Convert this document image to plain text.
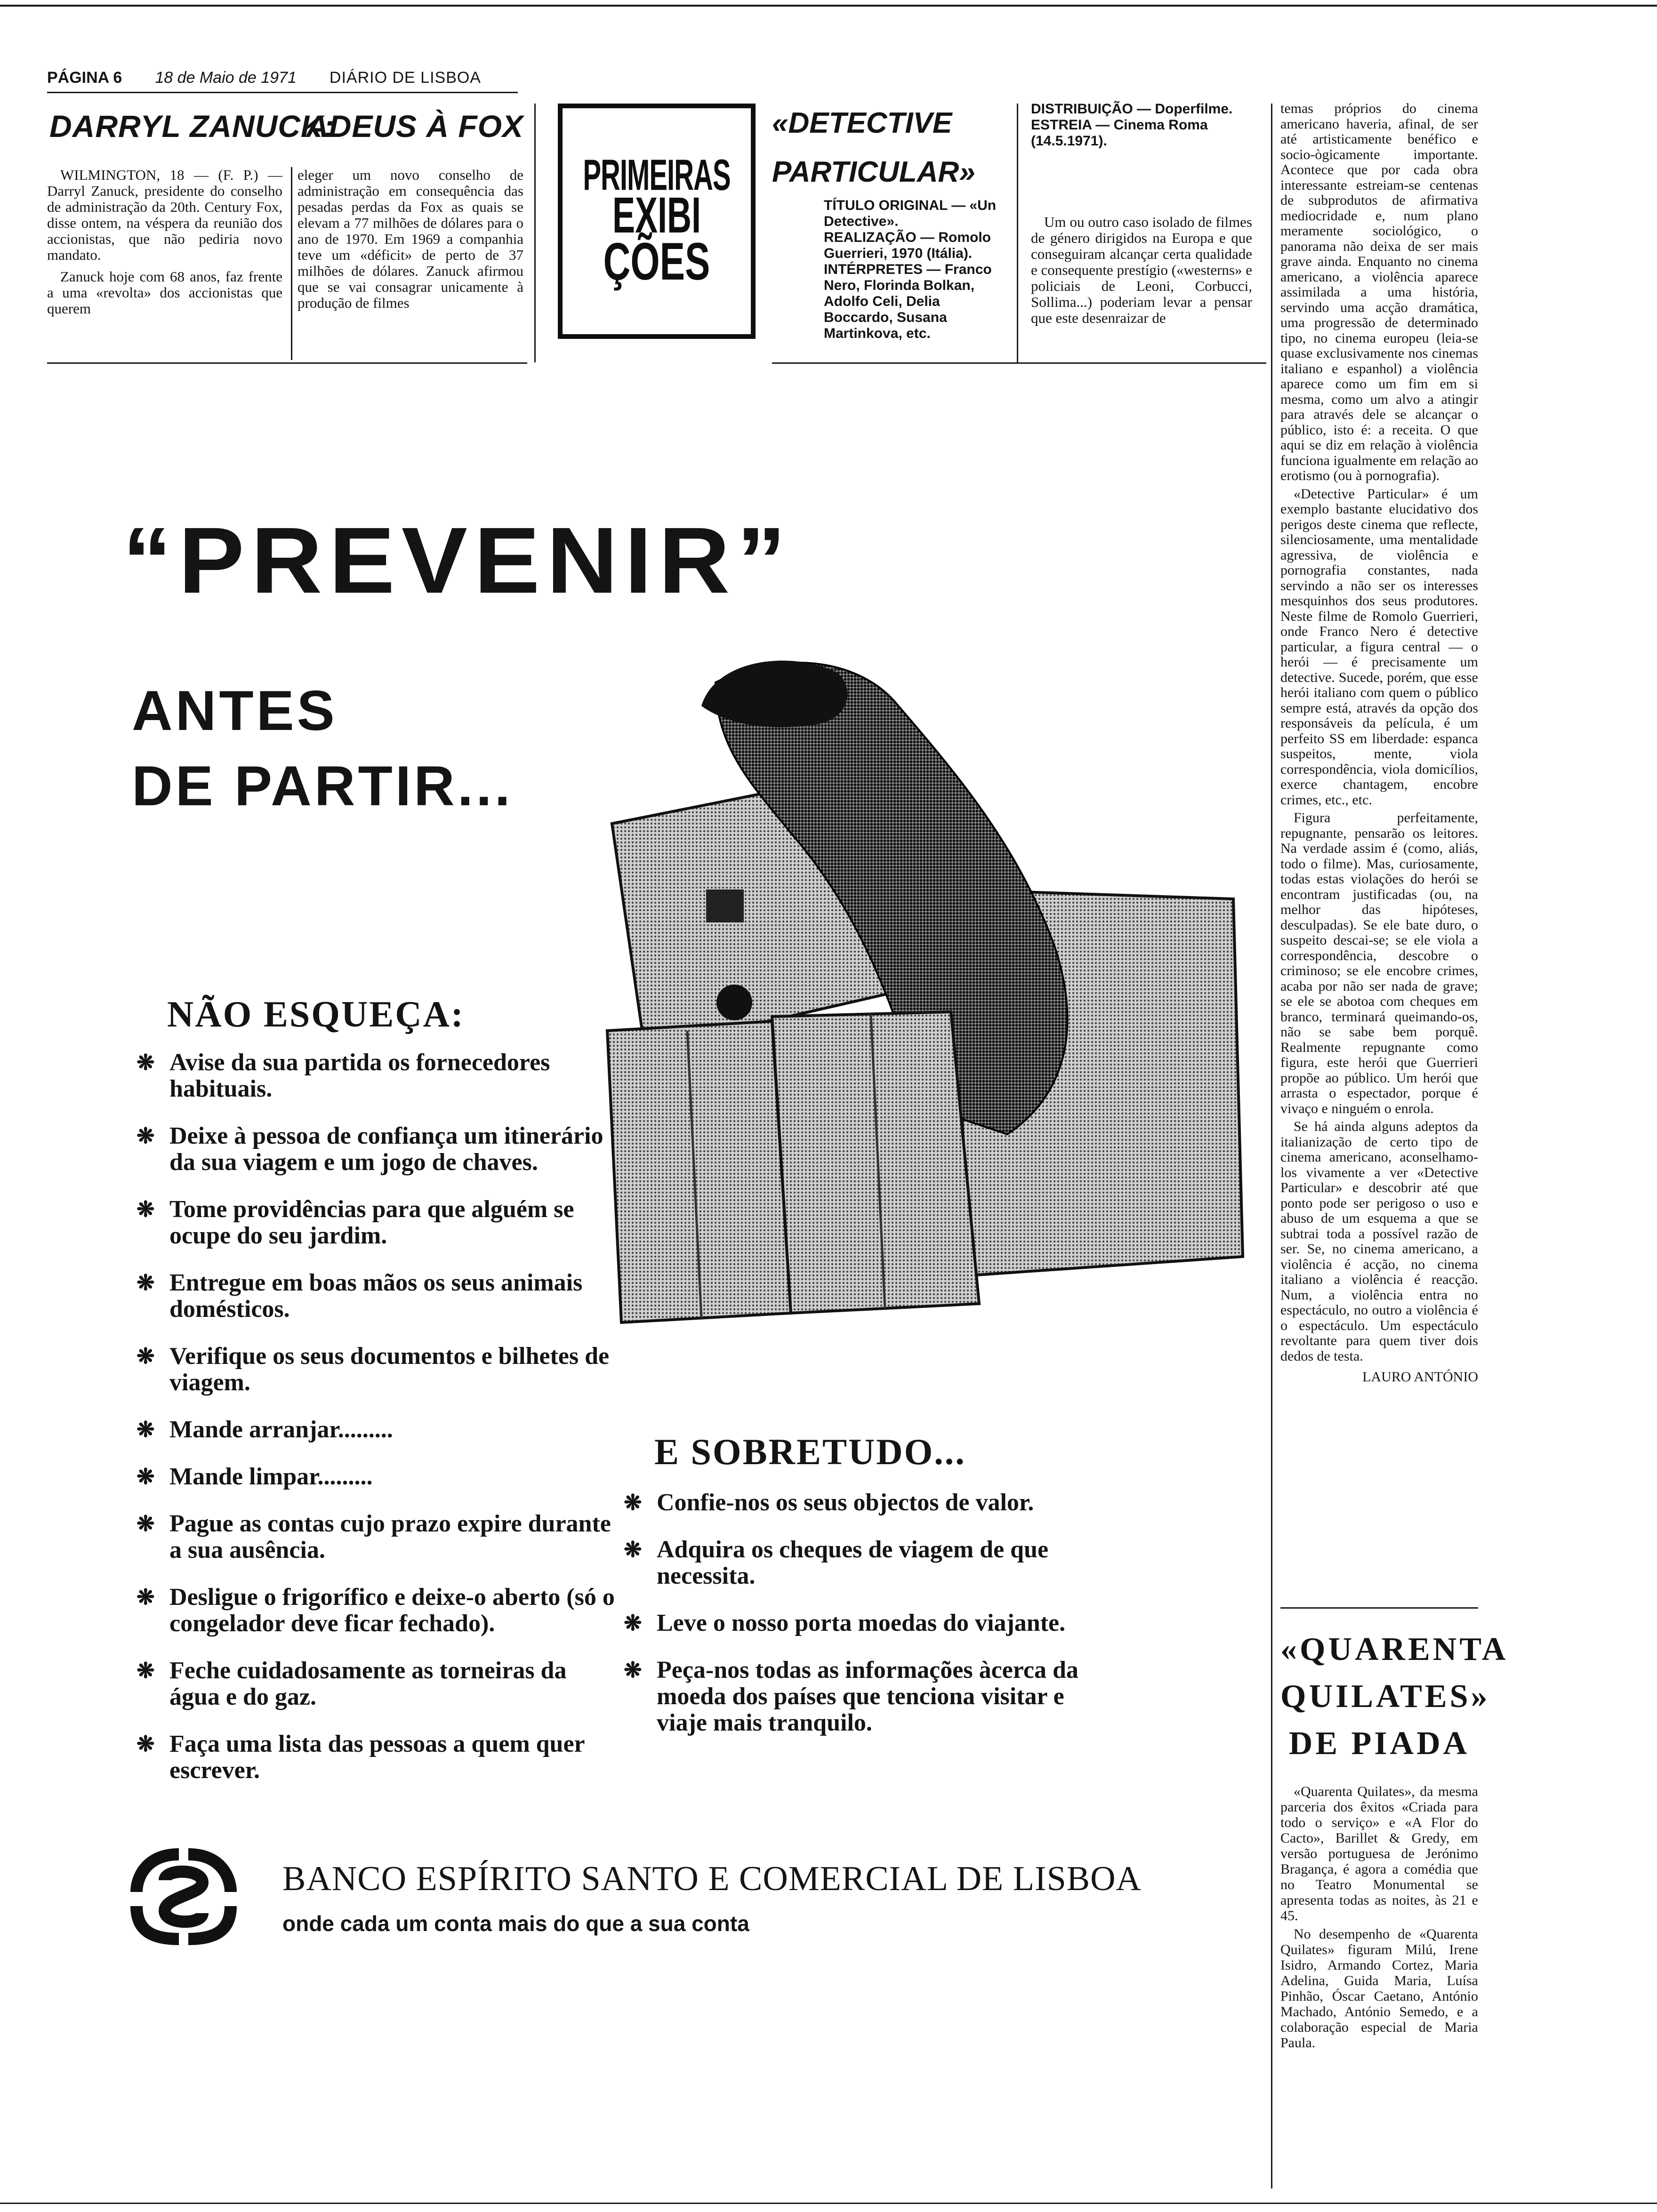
PÁGINA 6 18 de Maio de 1971 DIÁRIO DE LISBOA
DARRYL ZANUCK:
ADEUS À FOX

WILMINGTON, 18 — (F. P.) — Darryl Zanuck, presidente do conselho de administração da 20th. Century Fox, disse ontem, na véspera da reunião dos accionistas, que não pediria novo mandato.

Zanuck hoje com 68 anos, faz frente a uma «revolta» dos accionistas que querem

eleger um novo conselho de administração em consequência das pesadas perdas da Fox as quais se elevam a 77 milhões de dólares para o ano de 1970. Em 1969 a companhia teve um «déficit» de perto de 37 milhões de dólares. Zanuck afirmou que se vai consagrar unicamente à produção de filmes

PRIMEIRAS
EXIBI
ÇÕES
«DETECTIVE
PARTICULAR»

TÍTULO ORIGINAL — «Un Detective».

REALIZAÇÃO — Romolo Guerrieri, 1970 (Itália).

INTÉRPRETES — Franco Nero, Florinda Bolkan, Adolfo Celi, Delia Boccardo, Susana Martinkova, etc.

DISTRIBUIÇÃO — Doperfilme.

ESTREIA — Cinema Roma (14.5.1971).

Um ou outro caso isolado de filmes de género dirigidos na Europa e que conseguiram alcançar certa qualidade e consequente prestígio («westerns» e policiais de Leoni, Corbucci, Sollima...) poderiam levar a pensar que este desenraizar de

temas próprios do cinema americano haveria, afinal, de ser até artisticamente benéfico e socio-ògicamente importante. Acontece que por cada obra interessante estreiam-se centenas de subprodutos de afirmativa mediocridade e, num plano meramente sociológico, o panorama não deixa de ser mais grave ainda. Enquanto no cinema americano, a violência aparece assimilada a uma história, servindo uma acção dramática, uma progressão de determinado tipo, no cinema europeu (leia-se quase exclusivamente nos cinemas italiano e espanhol) a violência aparece como um fim em si mesma, como um alvo a atingir para através dele se alcançar o público, isto é: a receita. O que aqui se diz em relação à violência funciona igualmente em relação ao erotismo (ou à pornografia).

«Detective Particular» é um exemplo bastante elucidativo dos perigos deste cinema que reflecte, silenciosamente, uma mentalidade agressiva, de violência e pornografia constantes, nada servindo a não ser os interesses mesquinhos dos seus produtores. Neste filme de Romolo Guerrieri, onde Franco Nero é detective particular, a figura central — o herói — é precisamente um detective. Sucede, porém, que esse herói italiano com quem o público sempre está, através da opção dos responsáveis da película, é um perfeito SS em liberdade: espanca suspeitos, mente, viola correspondência, viola domicílios, exerce chantagem, encobre crimes, etc., etc.

Figura perfeitamente, repugnante, pensarão os leitores. Na verdade assim é (como, aliás, todo o filme). Mas, curiosamente, todas estas violações do herói se encontram justificadas (ou, na melhor das hipóteses, desculpadas). Se ele bate duro, o suspeito descai-se; se ele viola a correspondência, descobre o criminoso; se ele encobre crimes, acaba por não ser nada de grave; se ele se abotoa com cheques em branco, terminará queimando-os, não se sabe bem porquê. Realmente repugnante como figura, este herói que Guerrieri propõe ao público. Um herói que arrasta o espectador, porque é vivaço e ninguém o enrola.

Se há ainda alguns adeptos da italianização de certo tipo de cinema americano, aconselhamo-los vivamente a ver «Detective Particular» e descobrir até que ponto pode ser perigoso o uso e abuso de um esquema a que se subtrai toda a possível razão de ser. Se, no cinema americano, a violência é acção, no cinema italiano a violência é reacção. Num, a violência entra no espectáculo, no outro a violência é o espectáculo. Um espectáculo revoltante para quem tiver dois dedos de testa.

LAURO ANTÓNIO

«QUARENTA
QUILATES»
DE PIADA

«Quarenta Quilates», da mesma parceria dos êxitos «Criada para todo o serviço» e «A Flor do Cacto», Barillet & Gredy, em versão portuguesa de Jerónimo Bragança, é agora a comédia que no Teatro Monumental se apresenta todas as noites, às 21 e 45.

No desempenho de «Quarenta Quilates» figuram Milú, Irene Isidro, Armando Cortez, Maria Adelina, Guida Maria, Luísa Pinhão, Óscar Caetano, António Machado, António Semedo, e a colaboração especial de Maria Paula.

“PREVENIR”
ANTES
DE PARTIR...
NÃO ESQUEÇA:
❋ Avise da sua partida os fornecedores habituais.
❋ Deixe à pessoa de confiança um itinerário da sua viagem e um jogo de chaves.
❋ Tome providências para que alguém se ocupe do seu jardim.
❋ Entregue em boas mãos os seus animais domésticos.
❋ Verifique os seus documentos e bilhetes de viagem.
❋ Mande arranjar.........
❋ Mande limpar.........
❋ Pague as contas cujo prazo expire durante a sua ausência.
❋ Desligue o frigorífico e deixe-o aberto (só o congelador deve ficar fechado).
❋ Feche cuidadosamente as torneiras da água e do gaz.
❋ Faça uma lista das pessoas a quem quer escrever.
E SOBRETUDO...
❋ Confie-nos os seus objectos de valor.
❋ Adquira os cheques de viagem de que necessita.
❋ Leve o nosso porta moedas do viajante.
❋ Peça-nos todas as informações àcerca da moeda dos países que tenciona visitar e viaje mais tranquilo.
BANCO ESPÍRITO SANTO E COMERCIAL DE LISBOA
onde cada um conta mais do que a sua conta
